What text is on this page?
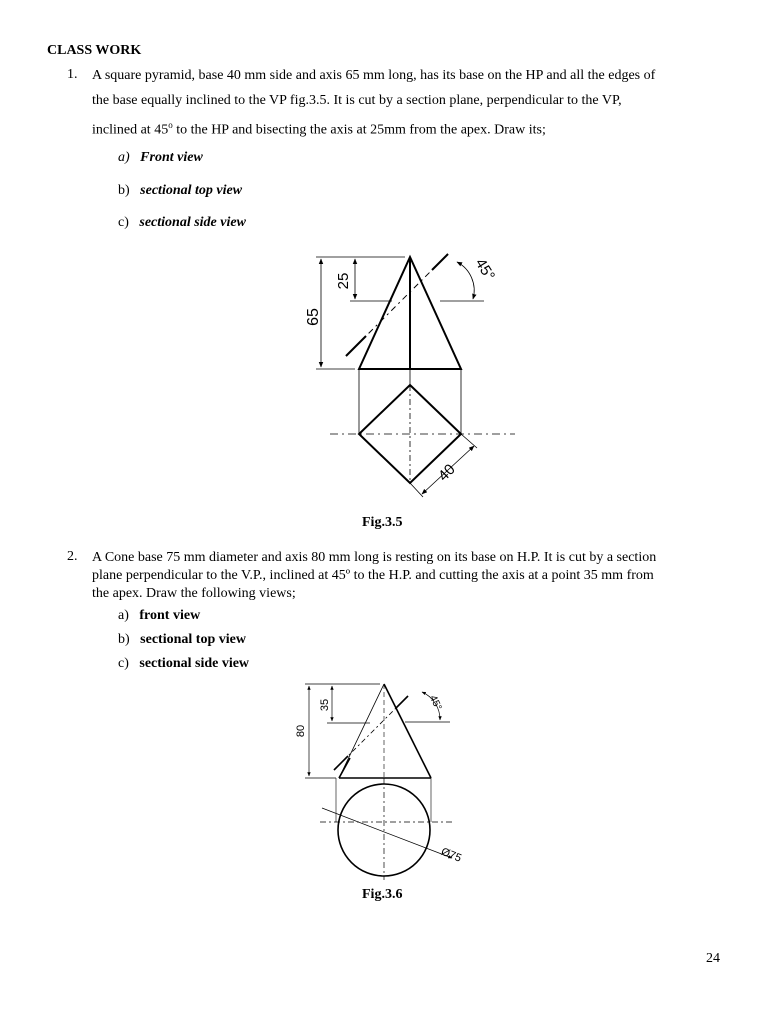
CLASS WORK
1. A square pyramid, base 40 mm side and axis 65 mm long, has its base on the HP and all the edges of
the base equally inclined to the VP fig.3.5. It is cut by a section plane, perpendicular to the VP,
inclined at 45$^o$ to the HP and bisecting the axis at 25mm from the apex. Draw its;
a) Front view
b) sectional top view
c) sectional side view
65
25	45°
40
Fig.3.5
2. A Cone base 75 mm diameter and axis 80 mm long is resting on its base on H.P. It is cut by a section
plane perpendicular to the V.P., inclined at 45º to the H.P. and cutting the axis at a point 35 mm from
the apex. Draw the following views;
a) front view
b) sectional top view
c) sectional side view
80
35	45°
Ø75
Fig.3.6
24
